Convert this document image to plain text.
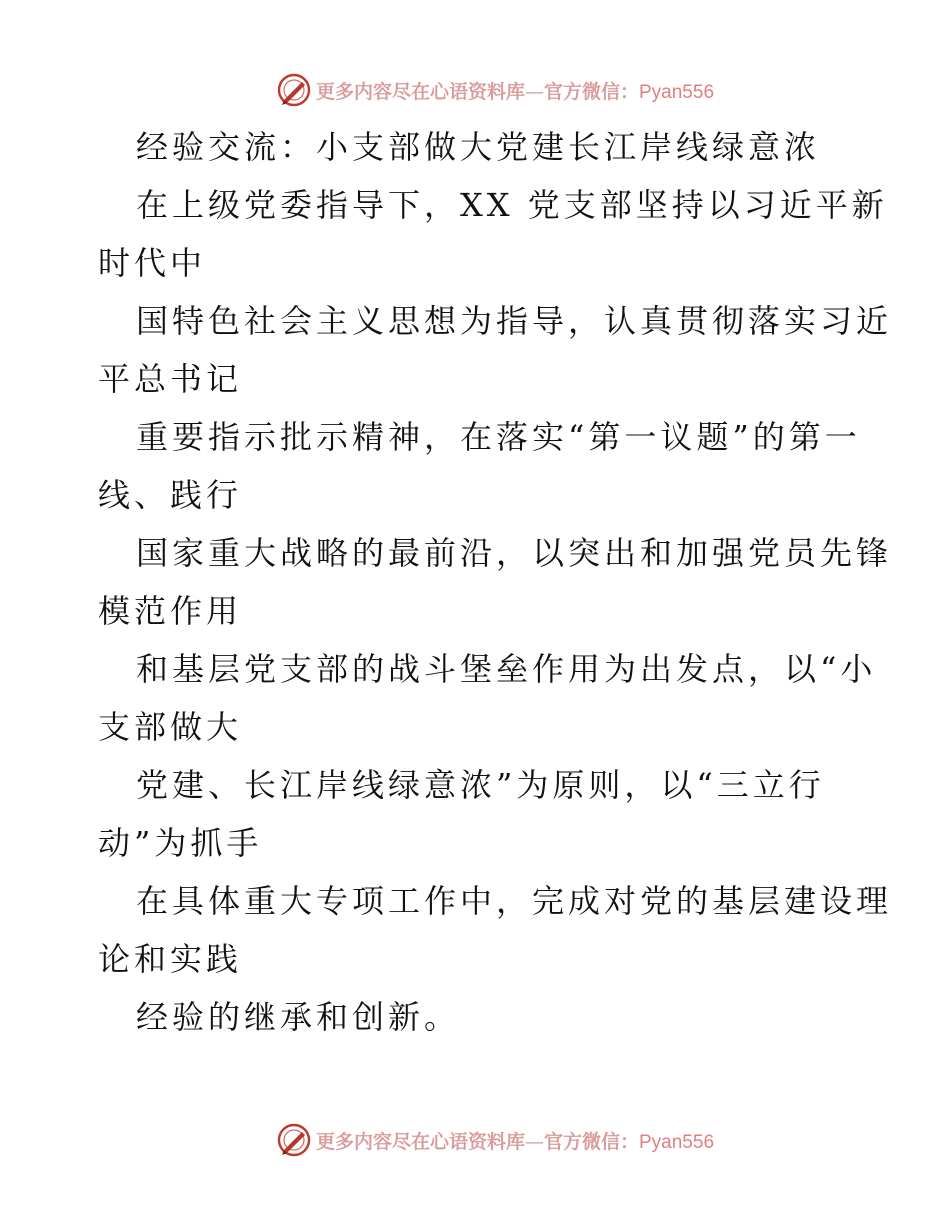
更多内容尽在心语资料库—官方微信：Pyan556
经验交流：小支部做大党建长江岸线绿意浓
在上级党委指导下，XX 党支部坚持以习近平新
时代中
国特色社会主义思想为指导，认真贯彻落实习近
平总书记
重要指示批示精神，在落实“第一议题”的第一
线、践行
国家重大战略的最前沿，以突出和加强党员先锋
模范作用
和基层党支部的战斗堡垒作用为出发点，以“小
支部做大
党建、长江岸线绿意浓”为原则，以“三立行
动”为抓手
在具体重大专项工作中，完成对党的基层建设理
论和实践
经验的继承和创新。
更多内容尽在心语资料库—官方微信：Pyan556
